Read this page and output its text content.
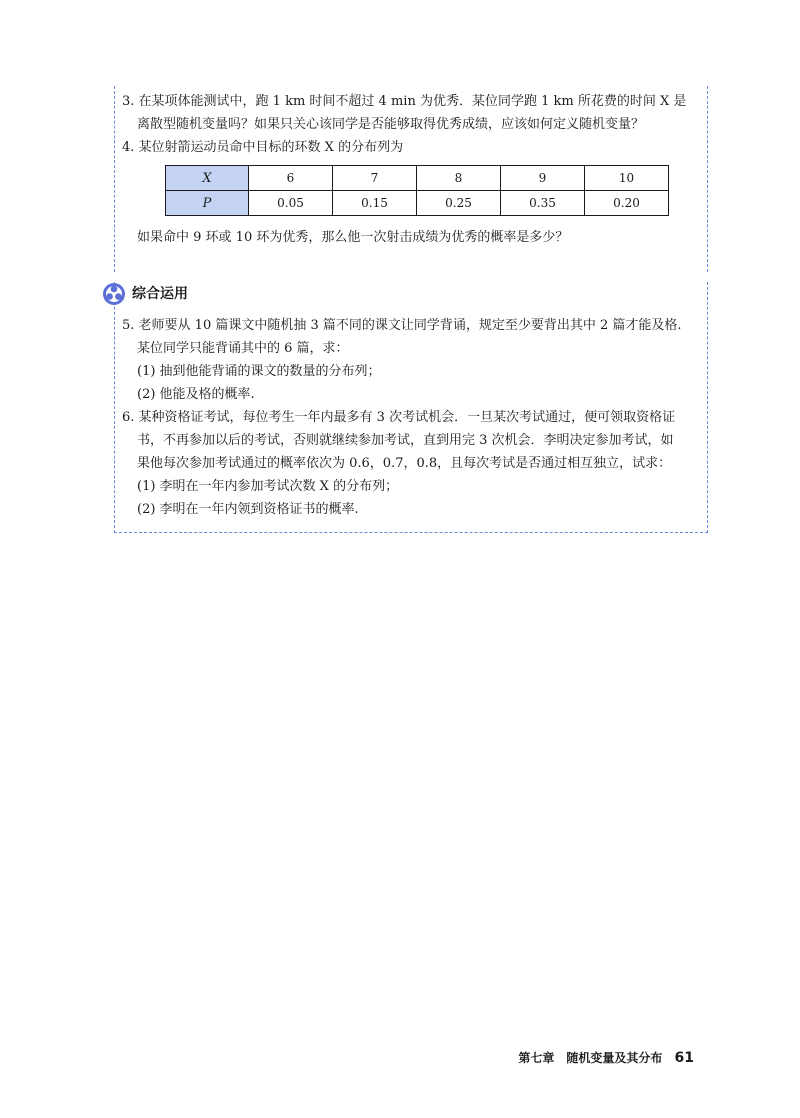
3. 在某项体能测试中，跑 1 km 时间不超过 4 min 为优秀．某位同学跑 1 km 所花费的时间 X 是
离散型随机变量吗？如果只关心该同学是否能够取得优秀成绩，应该如何定义随机变量？
4. 某位射箭运动员命中目标的环数 X 的分布列为
X	6	7	8	9	10
P	0.05	0.15	0.25	0.35	0.20
如果命中 9 环或 10 环为优秀，那么他一次射击成绩为优秀的概率是多少？
综合运用
5. 老师要从 10 篇课文中随机抽 3 篇不同的课文让同学背诵，规定至少要背出其中 2 篇才能及格.
某位同学只能背诵其中的 6 篇，求：
(1) 抽到他能背诵的课文的数量的分布列；
(2) 他能及格的概率.
6. 某种资格证考试，每位考生一年内最多有 3 次考试机会．一旦某次考试通过，便可领取资格证
书，不再参加以后的考试，否则就继续参加考试，直到用完 3 次机会．李明决定参加考试，如
果他每次参加考试通过的概率依次为 0.6，0.7，0.8，且每次考试是否通过相互独立，试求：
(1) 李明在一年内参加考试次数 X 的分布列；
(2) 李明在一年内领到资格证书的概率.
第七章　随机变量及其分布 61
